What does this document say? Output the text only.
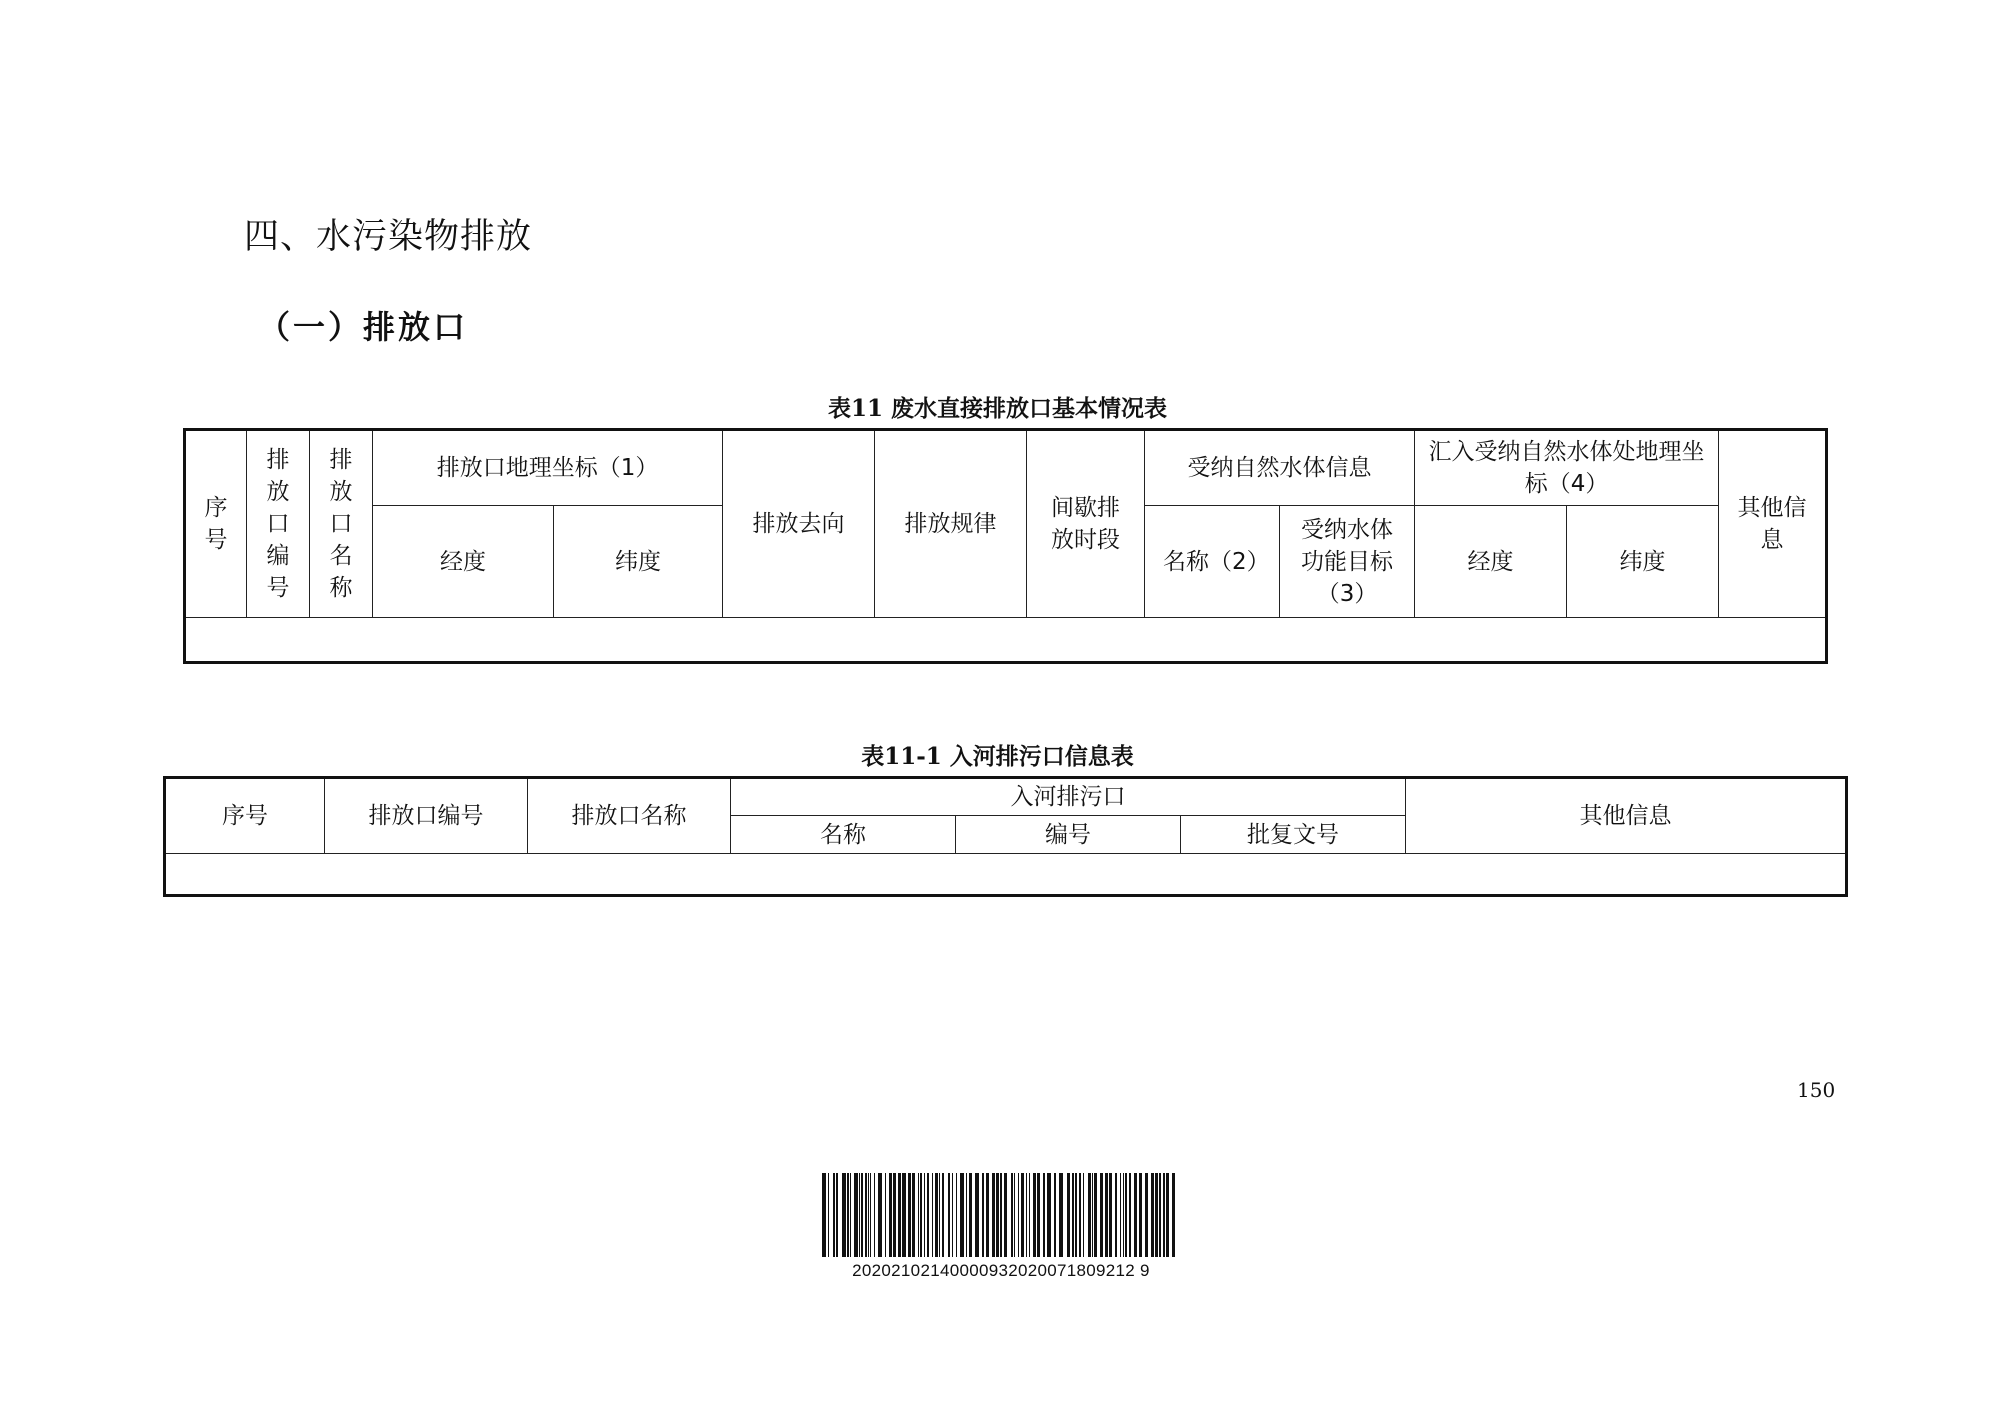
四、水污染物排放
（一）排放口
表11 废水直接排放口基本情况表
序号	排放口编号	排放口名称	排放口地理坐标（1）		排放去向	排放规律	间歇排放时段	受纳自然水体信息		汇入受纳自然水体处地理坐标（4）		其他信息
			经度	纬度				名称（2）	受纳水体功能目标（3）	经度	纬度	

表11-1 入河排污口信息表
序号	排放口编号	排放口名称	入河排污口			其他信息
			名称	编号	批复文号	

150
20202102140000932020071809212 9
